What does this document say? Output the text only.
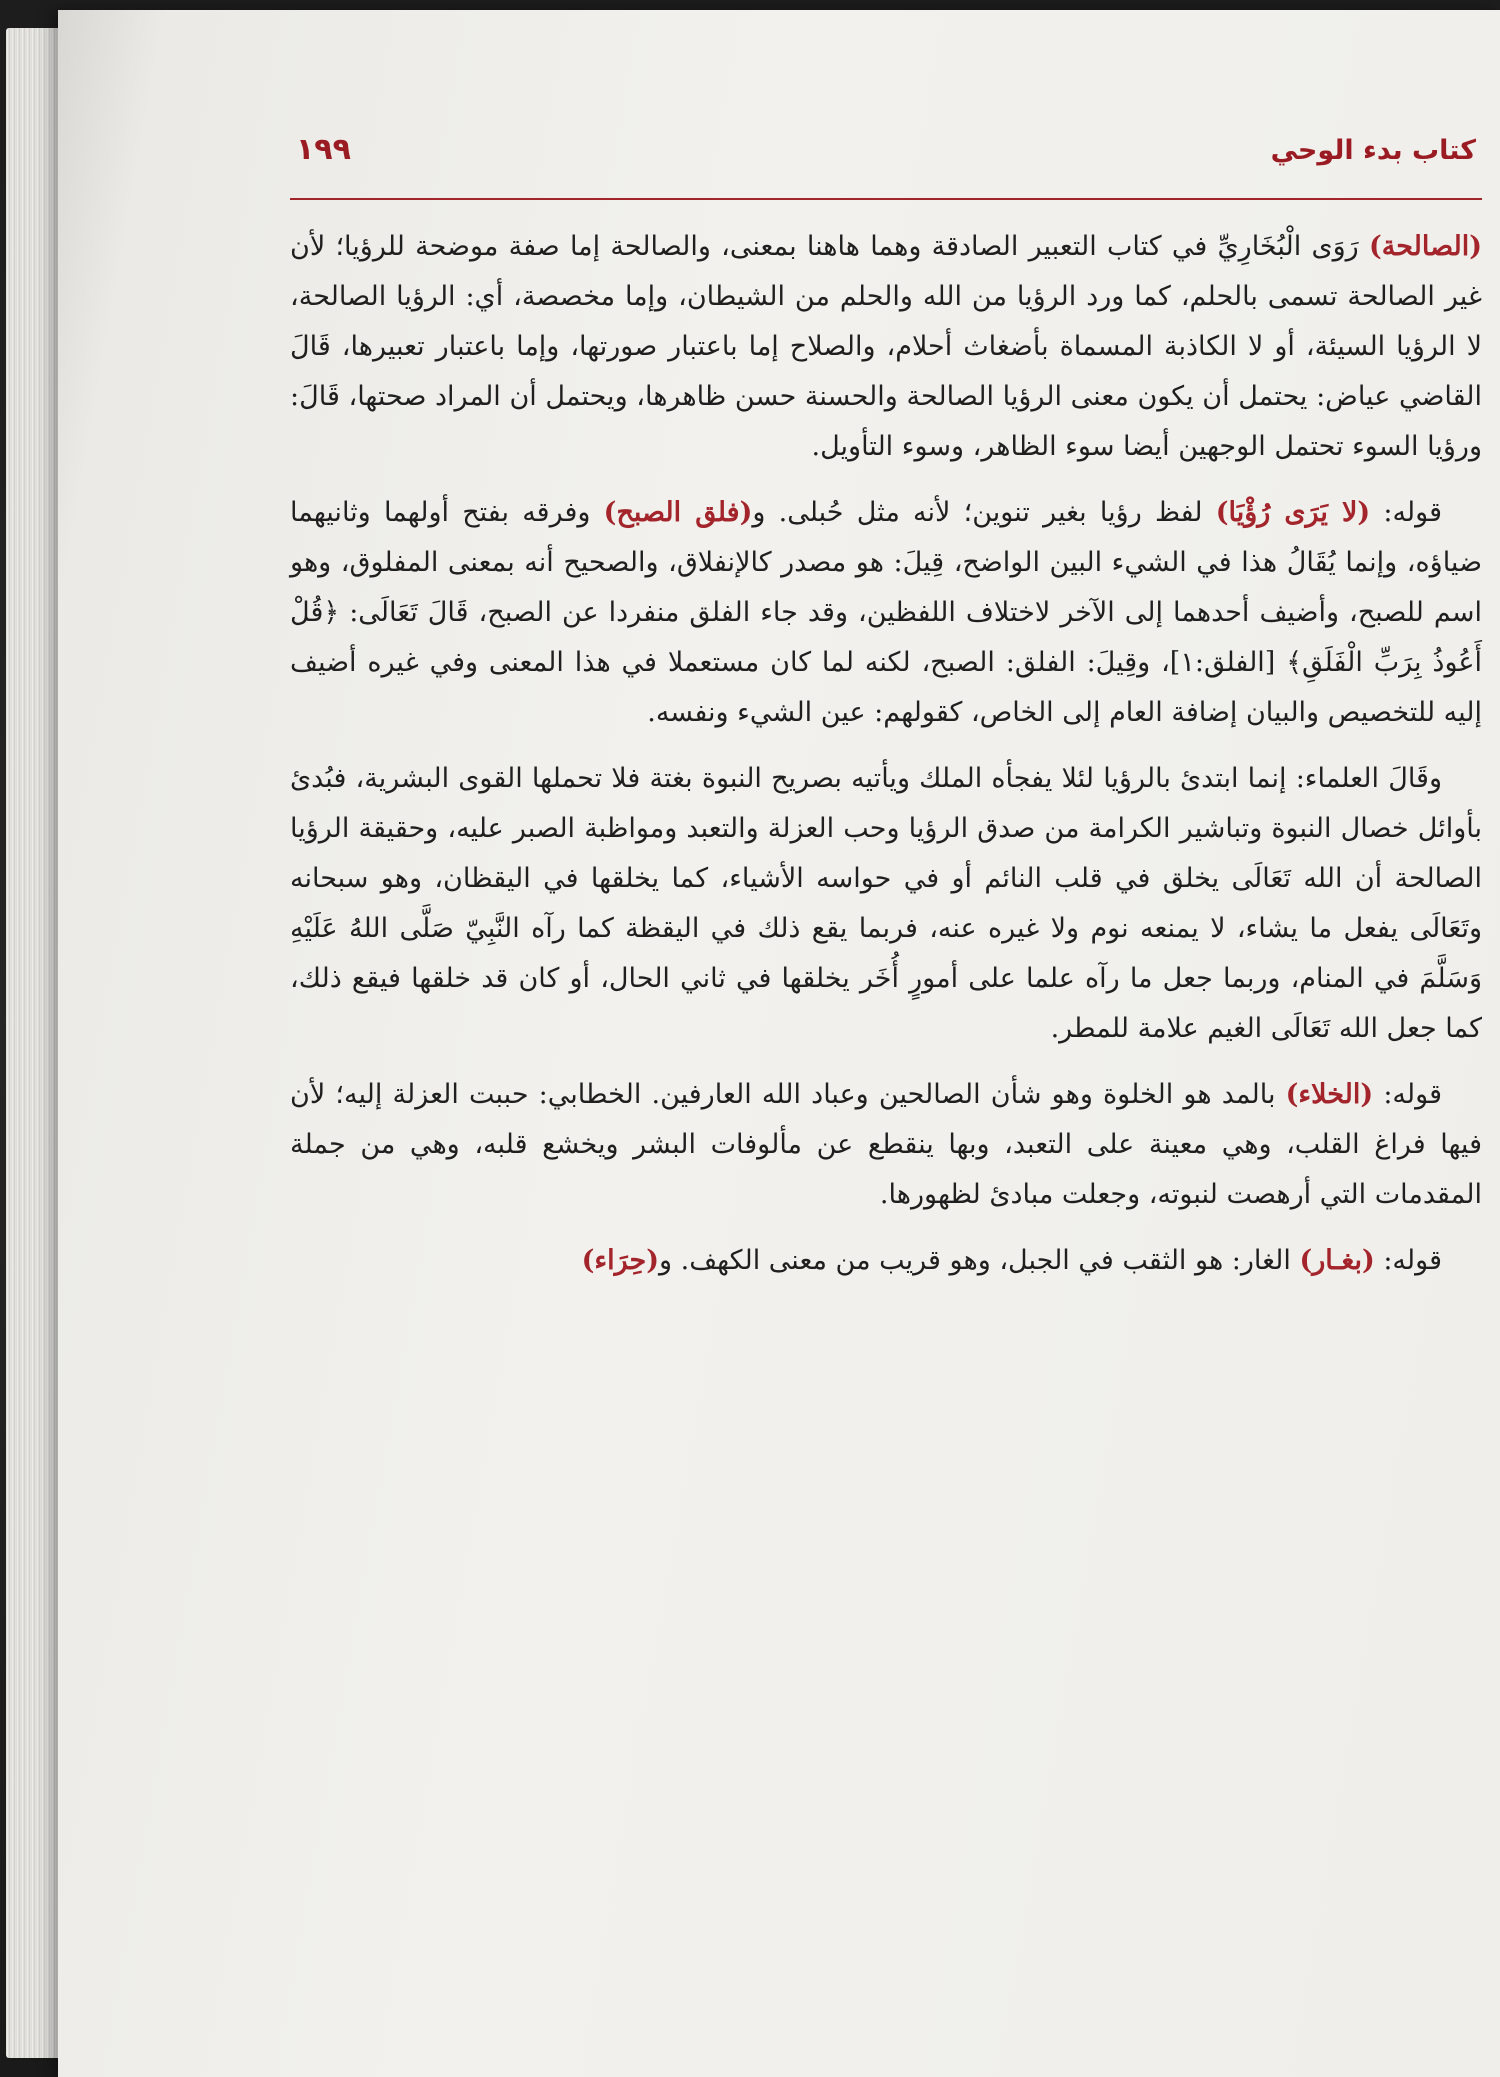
كتاب بدء الوحي
١٩٩

(الصالحة) رَوَى الْبُخَارِيِّ في كتاب التعبير الصادقة وهما هاهنا بمعنى، والصالحة إما صفة موضحة للرؤيا؛ لأن غير الصالحة تسمى بالحلم، كما ورد الرؤيا من الله والحلم من الشيطان، وإما مخصصة، أي: الرؤيا الصالحة، لا الرؤيا السيئة، أو لا الكاذبة المسماة بأضغاث أحلام، والصلاح إما باعتبار صورتها، وإما باعتبار تعبيرها، قَالَ القاضي عياض: يحتمل أن يكون معنى الرؤيا الصالحة والحسنة حسن ظاهرها، ويحتمل أن المراد صحتها، قَالَ: ورؤيا السوء تحتمل الوجهين أيضا سوء الظاهر، وسوء التأويل.

قوله: (لا يَرَى رُؤْيَا) لفظ رؤيا بغير تنوين؛ لأنه مثل حُبلى. و(فلق الصبح) وفرقه بفتح أولهما وثانيهما ضياؤه، وإنما يُقَالُ هذا في الشيء البين الواضح، قِيلَ: هو مصدر كالإنفلاق، والصحيح أنه بمعنى المفلوق، وهو اسم للصبح، وأضيف أحدهما إلى الآخر لاختلاف اللفظين، وقد جاء الفلق منفردا عن الصبح، قَالَ تَعَالَى: ﴿قُلْ أَعُوذُ بِرَبِّ الْفَلَقِ﴾ [الفلق:١]، وقِيلَ: الفلق: الصبح، لكنه لما كان مستعملا في هذا المعنى وفي غيره أضيف إليه للتخصيص والبيان إضافة العام إلى الخاص، كقولهم: عين الشيء ونفسه.

وقَالَ العلماء: إنما ابتدئ بالرؤيا لئلا يفجأه الملك ويأتيه بصريح النبوة بغتة فلا تحملها القوى البشرية، فبُدئ بأوائل خصال النبوة وتباشير الكرامة من صدق الرؤيا وحب العزلة والتعبد ومواظبة الصبر عليه، وحقيقة الرؤيا الصالحة أن الله تَعَالَى يخلق في قلب النائم أو في حواسه الأشياء، كما يخلقها في اليقظان، وهو سبحانه وتَعَالَى يفعل ما يشاء، لا يمنعه نوم ولا غيره عنه، فربما يقع ذلك في اليقظة كما رآه النَّبِيّ صَلَّى اللهُ عَلَيْهِ وَسَلَّمَ في المنام، وربما جعل ما رآه علما على أمورٍ أُخَر يخلقها في ثاني الحال، أو كان قد خلقها فيقع ذلك، كما جعل الله تَعَالَى الغيم علامة للمطر.

قوله: (الخلاء) بالمد هو الخلوة وهو شأن الصالحين وعباد الله العارفين. الخطابي: حببت العزلة إليه؛ لأن فيها فراغ القلب، وهي معينة على التعبد، وبها ينقطع عن مألوفات البشر ويخشع قلبه، وهي من جملة المقدمات التي أرهصت لنبوته، وجعلت مبادئ لظهورها.

قوله: (بغـار) الغار: هو الثقب في الجبل، وهو قريب من معنى الكهف. و(حِرَاء)
